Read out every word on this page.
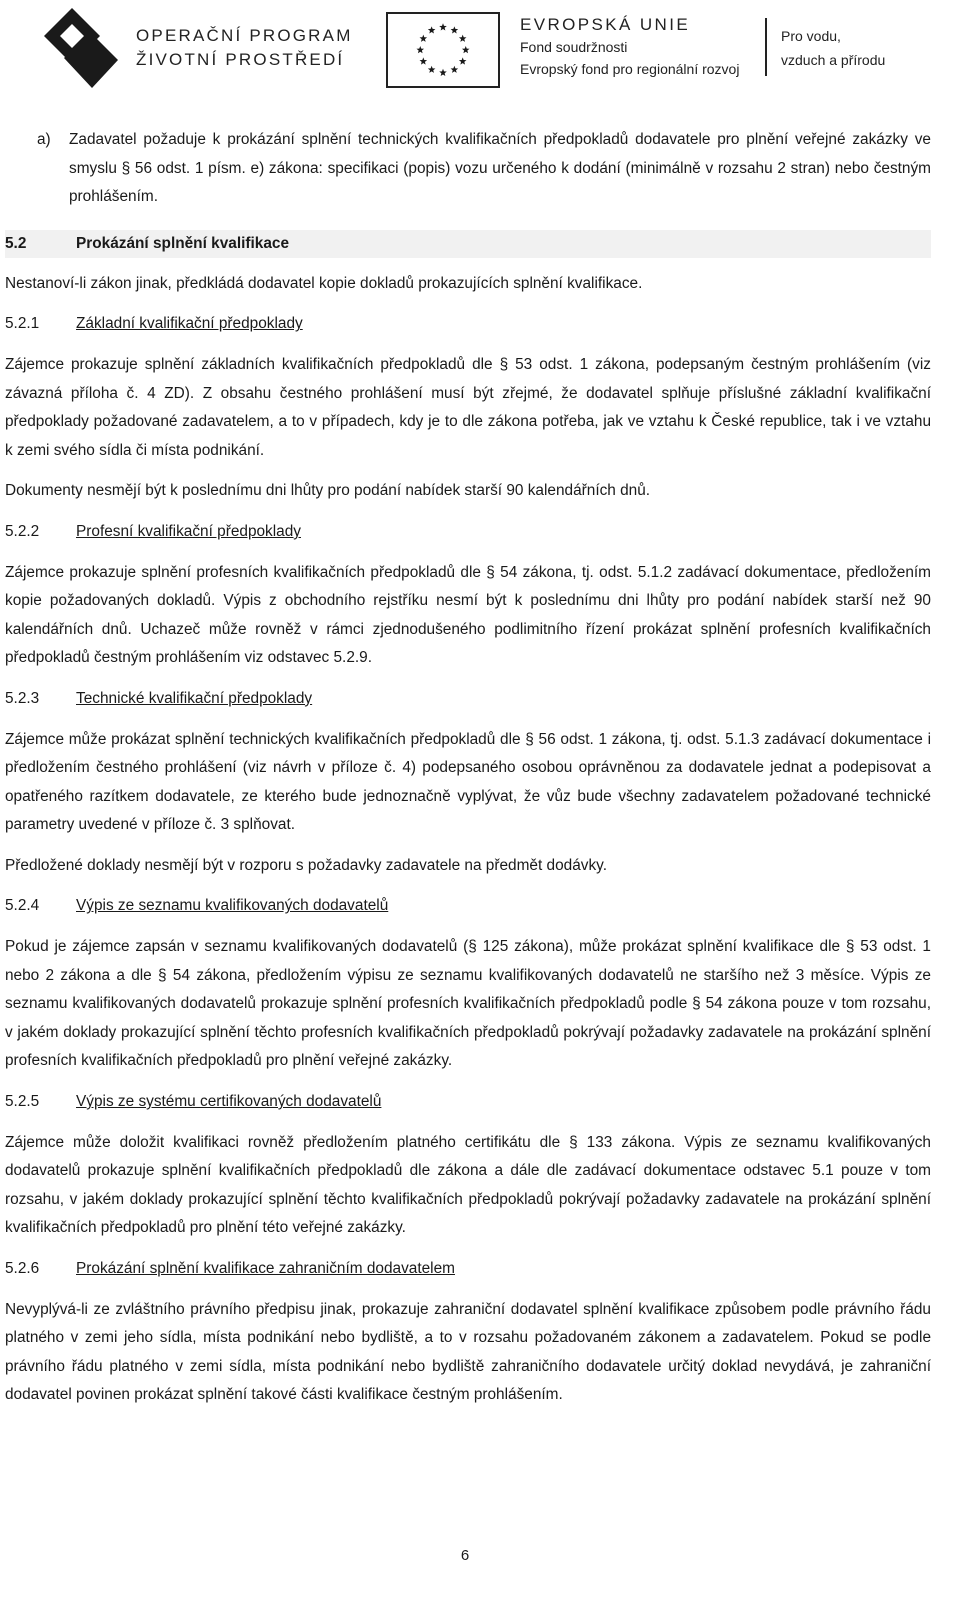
OPERAČNÍ PROGRAM
ŽIVOTNÍ PROSTŘEDÍ
EVROPSKÁ UNIE
Fond soudržnosti
Evropský fond pro regionální rozvoj
Pro vodu,
vzduch a přírodu
a)	Zadavatel požaduje k prokázání splnění technických kvalifikačních předpokladů dodavatele pro plnění veřejné zakázky ve smyslu § 56 odst. 1 písm. e) zákona: specifikaci (popis) vozu určeného k dodání (minimálně v rozsahu 2 stran) nebo čestným prohlášením.
5.2	Prokázání splnění kvalifikace

Nestanoví-li zákon jinak, předkládá dodavatel kopie dokladů prokazujících splnění kvalifikace.

5.2.1	Základní kvalifikační předpoklady

Zájemce prokazuje splnění základních kvalifikačních předpokladů dle § 53 odst. 1 zákona, podepsaným čestným prohlášením (viz závazná příloha č. 4 ZD). Z obsahu čestného prohlášení musí být zřejmé, že dodavatel splňuje příslušné základní kvalifikační předpoklady požadované zadavatelem, a to v případech, kdy je to dle zákona potřeba, jak ve vztahu k České republice, tak i ve vztahu k zemi svého sídla či místa podnikání.

Dokumenty nesmějí být k poslednímu dni lhůty pro podání nabídek starší 90 kalendářních dnů.

5.2.2	Profesní kvalifikační předpoklady

Zájemce prokazuje splnění profesních kvalifikačních předpokladů dle § 54 zákona, tj. odst. 5.1.2 zadávací dokumentace, předložením kopie požadovaných dokladů. Výpis z obchodního rejstříku nesmí být k poslednímu dni lhůty pro podání nabídek starší než 90 kalendářních dnů. Uchazeč může rovněž v rámci zjednodušeného podlimitního řízení prokázat splnění profesních kvalifikačních předpokladů čestným prohlášením viz odstavec 5.2.9.

5.2.3	Technické kvalifikační předpoklady

Zájemce může prokázat splnění technických kvalifikačních předpokladů dle § 56 odst. 1 zákona, tj. odst. 5.1.3 zadávací dokumentace i předložením čestného prohlášení (viz návrh v příloze č. 4) podepsaného osobou oprávněnou za dodavatele jednat a podepisovat a opatřeného razítkem dodavatele, ze kterého bude jednoznačně vyplývat, že vůz bude všechny zadavatelem požadované technické parametry uvedené v příloze č. 3 splňovat.

Předložené doklady nesmějí být v rozporu s požadavky zadavatele na předmět dodávky.

5.2.4	Výpis ze seznamu kvalifikovaných dodavatelů

Pokud je zájemce zapsán v seznamu kvalifikovaných dodavatelů (§ 125 zákona), může prokázat splnění kvalifikace dle § 53 odst. 1 nebo 2 zákona a dle § 54 zákona, předložením výpisu ze seznamu kvalifikovaných dodavatelů ne staršího než 3 měsíce. Výpis ze seznamu kvalifikovaných dodavatelů prokazuje splnění profesních kvalifikačních předpokladů podle § 54 zákona pouze v tom rozsahu, v jakém doklady prokazující splnění těchto profesních kvalifikačních předpokladů pokrývají požadavky zadavatele na prokázání splnění profesních kvalifikačních předpokladů pro plnění veřejné zakázky.

5.2.5	Výpis ze systému certifikovaných dodavatelů

Zájemce může doložit kvalifikaci rovněž předložením platného certifikátu dle § 133 zákona. Výpis ze seznamu kvalifikovaných dodavatelů prokazuje splnění kvalifikačních předpokladů dle zákona a dále dle zadávací dokumentace odstavec 5.1 pouze v tom rozsahu, v jakém doklady prokazující splnění těchto kvalifikačních předpokladů pokrývají požadavky zadavatele na prokázání splnění kvalifikačních předpokladů pro plnění této veřejné zakázky.

5.2.6	Prokázání splnění kvalifikace zahraničním dodavatelem

Nevyplývá-li ze zvláštního právního předpisu jinak, prokazuje zahraniční dodavatel splnění kvalifikace způsobem podle právního řádu platného v zemi jeho sídla, místa podnikání nebo bydliště, a to v rozsahu požadovaném zákonem a zadavatelem. Pokud se podle právního řádu platného v zemi sídla, místa podnikání nebo bydliště zahraničního dodavatele určitý doklad nevydává, je zahraniční dodavatel povinen prokázat splnění takové části kvalifikace čestným prohlášením.

6
